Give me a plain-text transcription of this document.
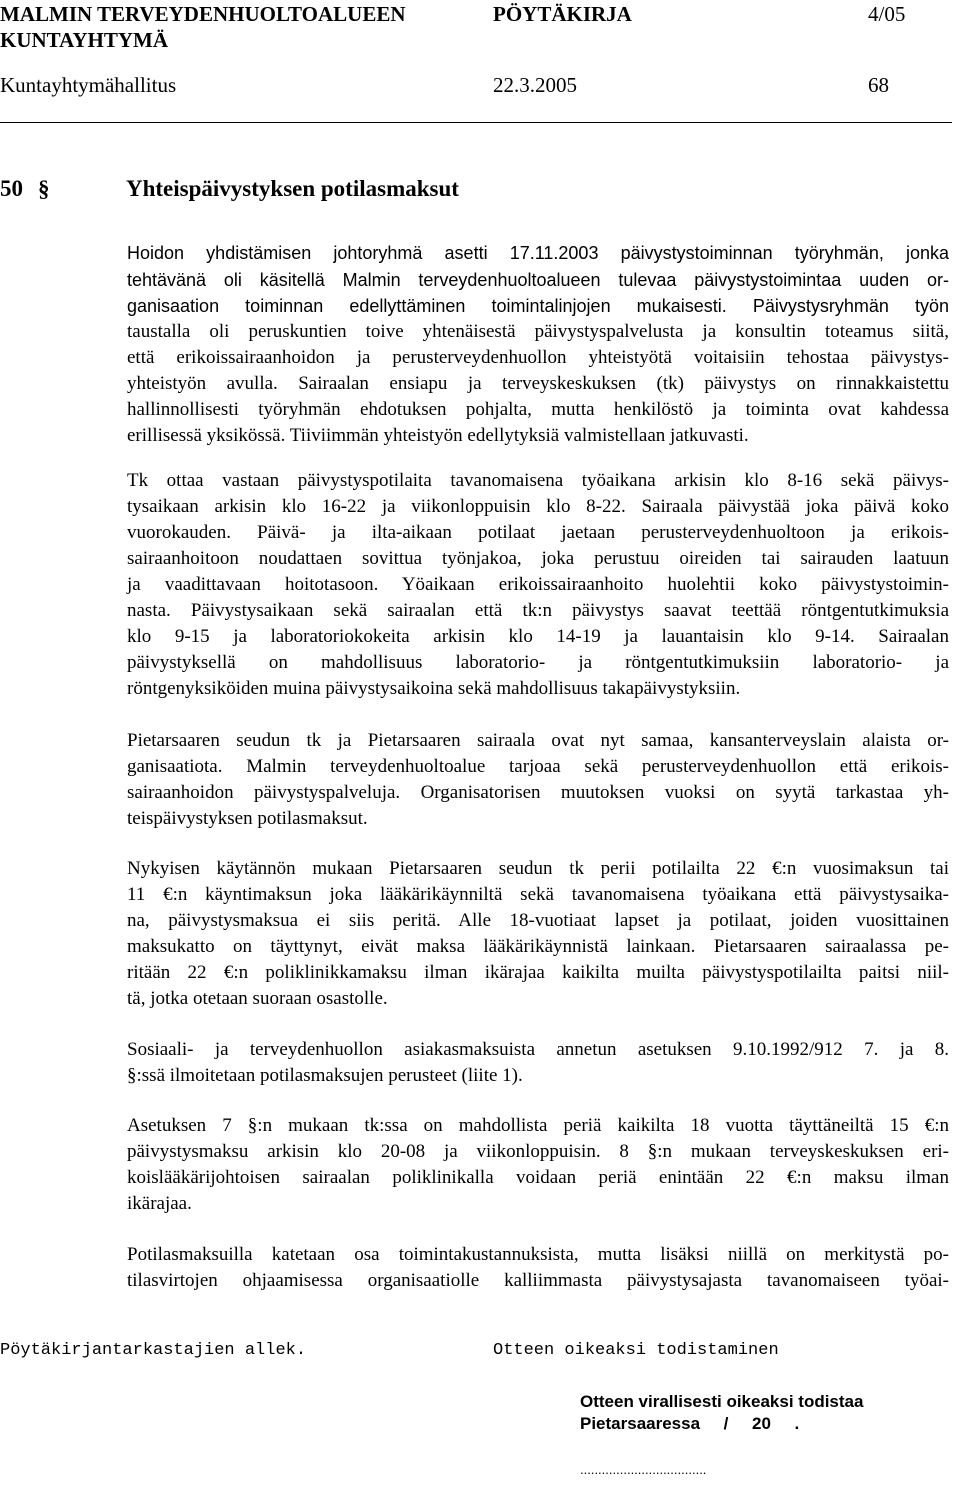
MALMIN TERVEYDENHUOLTOALUEEN
KUNTAYHTYMÄ
PÖYTÄKIRJA	4/05
Kuntayhtymähallitus	22.3.2005	68
50 §	Yhteispäivystyksen potilasmaksut
Hoidon yhdistämisen johtoryhmä asetti 17.11.2003 päivystystoiminnan työryhmän, jonka
tehtävänä oli käsitellä Malmin terveydenhuoltoalueen tulevaa päivystystoimintaa uuden or-
ganisaation toiminnan edellyttäminen toimintalinjojen mukaisesti. Päivystysryhmän työn
taustalla oli peruskuntien toive yhtenäisestä päivystyspalvelusta ja konsultin toteamus siitä,
että erikoissairaanhoidon ja perusterveydenhuollon yhteistyötä voitaisiin tehostaa päivystys-
yhteistyön avulla. Sairaalan ensiapu ja terveyskeskuksen (tk) päivystys on rinnakkaistettu
hallinnollisesti työryhmän ehdotuksen pohjalta, mutta henkilöstö ja toiminta ovat kahdessa
erillisessä yksikössä. Tiiviimmän yhteistyön edellytyksiä valmistellaan jatkuvasti.
Tk ottaa vastaan päivystyspotilaita tavanomaisena työaikana arkisin klo 8-16 sekä päivys-
tysaikaan arkisin klo 16-22 ja viikonloppuisin klo 8-22. Sairaala päivystää joka päivä koko
vuorokauden. Päivä- ja ilta-aikaan potilaat jaetaan perusterveydenhuoltoon ja erikois-
sairaanhoitoon noudattaen sovittua työnjakoa, joka perustuu oireiden tai sairauden laatuun
ja vaadittavaan hoitotasoon. Yöaikaan erikoissairaanhoito huolehtii koko päivystystoimin-
nasta. Päivystysaikaan sekä sairaalan että tk:n päivystys saavat teettää röntgentutkimuksia
klo 9-15 ja laboratoriokokeita arkisin klo 14-19 ja lauantaisin klo 9-14. Sairaalan
päivystyksellä on mahdollisuus laboratorio- ja röntgentutkimuksiin laboratorio- ja
röntgenyksiköiden muina päivystysaikoina sekä mahdollisuus takapäivystyksiin.
Pietarsaaren seudun tk ja Pietarsaaren sairaala ovat nyt samaa, kansanterveyslain alaista or-
ganisaatiota. Malmin terveydenhuoltoalue tarjoaa sekä perusterveydenhuollon että erikois-
sairaanhoidon päivystyspalveluja. Organisatorisen muutoksen vuoksi on syytä tarkastaa yh-
teispäivystyksen potilasmaksut.
Nykyisen käytännön mukaan Pietarsaaren seudun tk perii potilailta 22 €:n vuosimaksun tai
11 €:n käyntimaksun joka lääkärikäynniltä sekä tavanomaisena työaikana että päivystysaika-
na, päivystysmaksua ei siis peritä. Alle 18-vuotiaat lapset ja potilaat, joiden vuosittainen
maksukatto on täyttynyt, eivät maksa lääkärikäynnistä lainkaan. Pietarsaaren sairaalassa pe-
ritään 22 €:n poliklinikkamaksu ilman ikärajaa kaikilta muilta päivystyspotilailta paitsi niil-
tä, jotka otetaan suoraan osastolle.
Sosiaali- ja terveydenhuollon asiakasmaksuista annetun asetuksen 9.10.1992/912 7. ja 8.
§:ssä ilmoitetaan potilasmaksujen perusteet (liite 1).
Asetuksen 7 §:n mukaan tk:ssa on mahdollista periä kaikilta 18 vuotta täyttäneiltä 15 €:n
päivystysmaksu arkisin klo 20-08 ja viikonloppuisin. 8 §:n mukaan terveyskeskuksen eri-
koislääkärijohtoisen sairaalan poliklinikalla voidaan periä enintään 22 €:n maksu ilman
ikärajaa.
Potilasmaksuilla katetaan osa toimintakustannuksista, mutta lisäksi niillä on merkitystä po-
tilasvirtojen ohjaamisessa organisaatiolle kalliimmasta päivystysajasta tavanomaiseen työai-
Pöytäkirjantarkastajien allek.	Otteen oikeaksi todistaminen
Otteen virallisesti oikeaksi todistaa
Pietarsaaressa     /     20     .
...................................
